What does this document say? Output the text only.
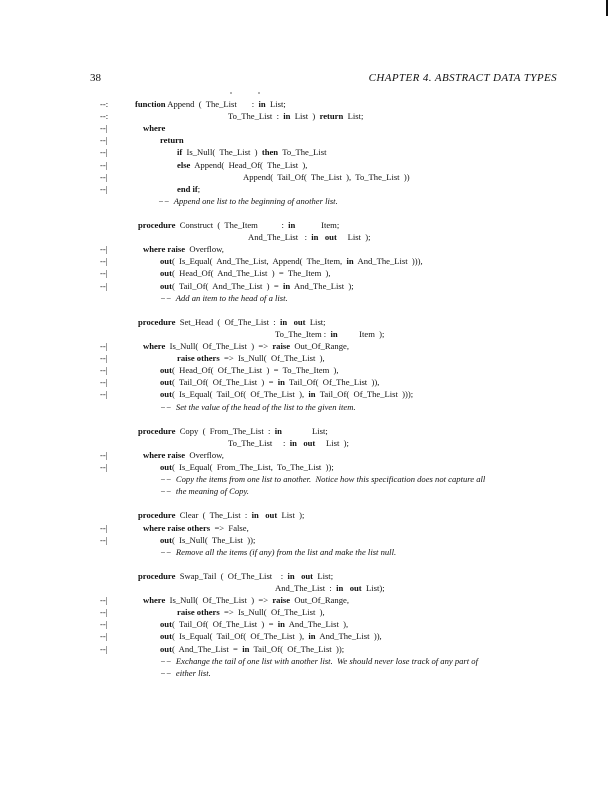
38	CHAPTER 4. ABSTRACT DATA TYPES
--:	function Append  (  The_List       :  in  List;
--:	To_The_List  :  in  List  )  return  List;
--|	where
--|	return
--|	if  Is_Null(  The_List  )  then  To_The_List
--|	else  Append(  Head_Of(  The_List  ),
--|	Append(  Tail_Of(  The_List  ),  To_The_List  ))
--|	end if;
−−  Append one list to the beginning of another list.
procedure  Construct  (  The_Item           :  in            Item;
And_The_List   :  in   out     List  );
--|	where raise  Overflow,
--|	out(  Is_Equal(  And_The_List,  Append(  The_Item,  in  And_The_List  ))),
--|	out(  Head_Of(  And_The_List  )  =  The_Item  ),
--|	out(  Tail_Of(  And_The_List  )  =  in  And_The_List  );
−−  Add an item to the head of a list.
procedure  Set_Head  (  Of_The_List  :  in   out  List;
To_The_Item :  in          Item  );
--|	where  Is_Null(  Of_The_List  )  =>  raise  Out_Of_Range,
--|	raise others  =>  Is_Null(  Of_The_List  ),
--|	out(  Head_Of(  Of_The_List  )  =  To_The_Item  ),
--|	out(  Tail_Of(  Of_The_List  )  =  in  Tail_Of(  Of_The_List  )),
--|	out(  Is_Equal(  Tail_Of(  Of_The_List  ),  in  Tail_Of(  Of_The_List  )));
−−  Set the value of the head of the list to the given item.
procedure  Copy  (  From_The_List  :  in              List;
To_The_List     :  in   out     List  );
--|	where raise  Overflow,
--|	out(  Is_Equal(  From_The_List,  To_The_List  ));
−−  Copy the items from one list to another.  Notice how this specification does not capture all
−−  the meaning of Copy.
procedure  Clear  (  The_List  :  in   out  List  );
--|	where raise others  =>  False,
--|	out(  Is_Null(  The_List  ));
−−  Remove all the items (if any) from the list and make the list null.
procedure  Swap_Tail  (  Of_The_List    :  in   out  List;
And_The_List  :  in   out  List);
--|	where  Is_Null(  Of_The_List  )  =>  raise  Out_Of_Range,
--|	raise others  =>  Is_Null(  Of_The_List  ),
--|	out(  Tail_Of(  Of_The_List  )  =  in  And_The_List  ),
--|	out(  Is_Equal(  Tail_Of(  Of_The_List  ),  in  And_The_List  )),
--|	out(  And_The_List  =  in  Tail_Of(  Of_The_List  ));
−−  Exchange the tail of one list with another list.  We should never lose track of any part of
−−  either list.
